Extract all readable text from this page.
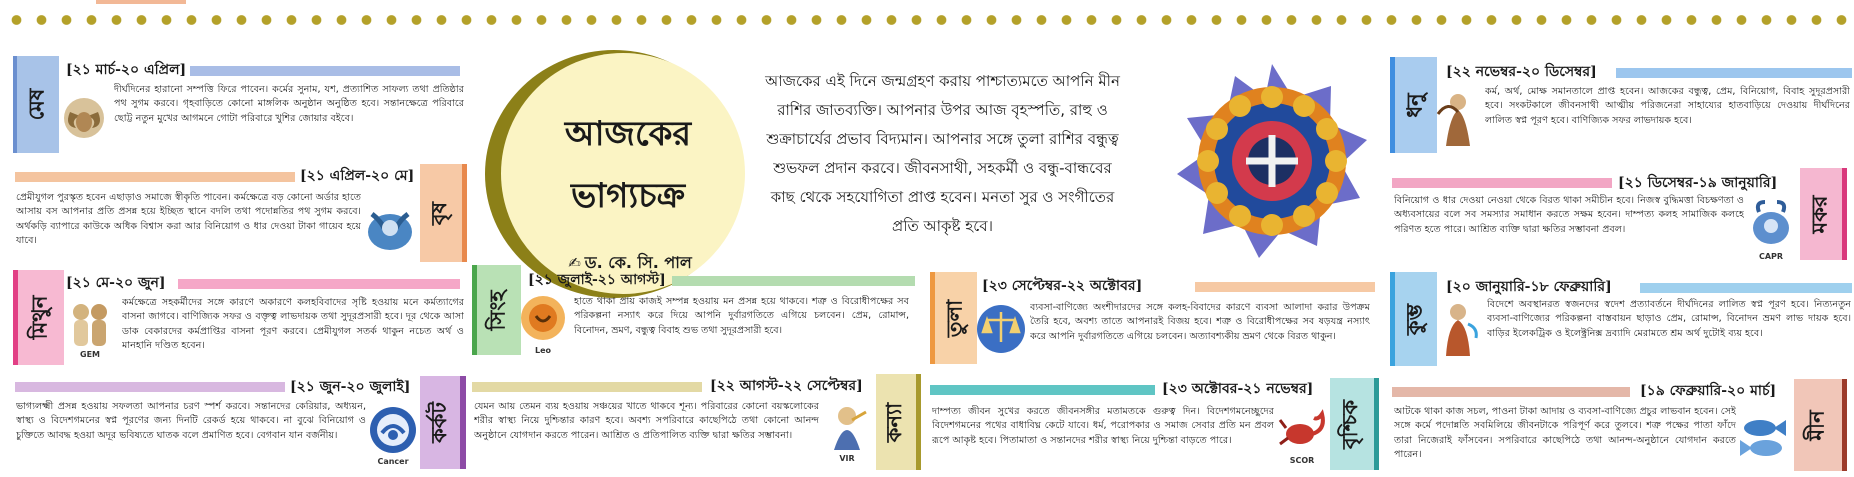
মেষ
[২১ মার্চ-২০ এপ্রিল]
দীর্ঘদিনের হারানো সম্পত্তি ফিরে পাবেন। কর্মের সুনাম, যশ, প্রত্যাশিত সাফল্য তথা প্রতিষ্ঠার পথ সুগম করবে। গৃহবাড়িতে কোনো মাঙ্গলিক অনুষ্ঠান অনুষ্ঠিত হবে। সন্তানক্ষেত্রে পরিবারে ছোট্ট নতুন মুখের আগমনে গোটা পরিবারে খুশির জোয়ার বইবে।
[২১ এপ্রিল-২০ মে]
বৃষ
প্রেমীযুগল পুরস্কৃত হবেন এছাড়াও সমাজে স্বীকৃতি পাবেন। কর্মক্ষেত্রে বড় কোনো অর্ডার হাতে আসায় বস আপনার প্রতি প্রসন্ন হয়ে ইচ্ছিত স্থানে বদলি তথা পদোন্নতির পথ সুগম করবে। অর্থকড়ি ব্যাপারে কাউকে অধিক বিশ্বাস করা আর বিনিয়োগ ও ধার দেওয়া টাকা গায়েব হয়ে যাবে।
মিথুন
[২১ মে-২০ জুন]
GEM
কর্মক্ষেত্রে সহকর্মীদের সঙ্গে কারণে অকারণে কলহবিবাদের সৃষ্টি হওয়ায় মনে কর্মত্যাগের বাসনা জাগবে। বাণিজ্যিক সফর ও বক্তৃত্ব লাভদায়ক তথা সুদূরপ্রসারী হবে। দূর থেকে আসা ডাক বেকারদের কর্মপ্রাপ্তির বাসনা পূরণ করবে। প্রেমীযুগল সতর্ক থাকুন নচেত অর্থ ও মানহানি দণ্ডিত হবেন।
[২১ জুন-২০ জুলাই]
কর্কট
Cancer
ভাগ্যলক্ষ্মী প্রসন্ন হওয়ায় সফলতা আপনার চরণ স্পর্শ করবে। সন্তানদের কেরিয়ার, অধ্যয়ন, স্বাস্থ্য ও বিদেশগমনের স্বপ্ন পূরণের জন্য দিনটি রেকর্ড হয়ে থাকবে। না বুঝে বিনিয়োগ ও চুক্তিতে আবদ্ধ হওয়া অদূর ভবিষ্যতে ঘাতক বলে প্রমাণিত হবে। বেগবান যান বর্জনীয়।
আজকের
ভাগ্যচক্র
✍ ড. কে. সি. পাল
আজকের এই দিনে জন্মগ্রহণ করায় পাশ্চাত্যমতে আপনি মীন রাশির জাতব্যক্তি। আপনার উপর আজ বৃহস্পতি, রাহু ও শুক্রাচার্যের প্রভাব বিদ্যমান। আপনার সঙ্গে তুলা রাশির বন্ধুত্ব শুভফল প্রদান করবে। জীবনসাথী, সহকর্মী ও বন্ধু-বান্ধবের কাছ থেকে সহযোগিতা প্রাপ্ত হবেন। মনতা সুর ও সংগীতের প্রতি আকৃষ্ট হবে।
সিংহ
[২১ জুলাই-২১ আগস্ট]
Leo
হাতে থাকা প্রায় কাজই সম্পন্ন হওয়ায় মন প্রসন্ন হয়ে থাকবে। শত্রু ও বিরোধীপক্ষের সব পরিকল্পনা নস্যাৎ করে দিয়ে আপনি দুর্বারগতিতে এগিয়ে চলবেন। প্রেম, রোমান্স, বিনোদন, ভ্রমণ, বন্ধুত্ব বিবাহ শুভ তথা সুদূরপ্রসারী হবে।
[২২ আগস্ট-২২ সেপ্টেম্বর]
কন্যা
VIR
যেমন আয় তেমন ব্যয় হওয়ায় সঞ্চয়ের খাতে থাকবে শূন্য। পরিবারের কোনো বয়স্কলোকের শরীর স্বাস্থ্য নিয়ে দুশ্চিন্তার কারণ হবে। অবশ্য সপরিবারে কাছেপিঠে তথা কোনো আনন্দ অনুষ্ঠানে যোগদান করতে পারেন। আশ্রিত ও প্রতিপালিত ব্যক্তি দ্বারা ক্ষতির সম্ভাবনা।
তুলা
[২৩ সেপ্টেম্বর-২২ অক্টোবর]
ব্যবসা-বাণিজ্যে অংশীদারদের সঙ্গে কলহ-বিবাদের কারণে ব্যবসা আলাদা করার উপক্রম তৈরি হবে, অবশ্য তাতে আপনারই বিজয় হবে। শত্রু ও বিরোধীপক্ষের সব ষড়যন্ত্র নস্যাৎ করে আপনি দুর্বারগতিতে এগিয়ে চলবেন। অত্যাবশ্যকীয় ভ্রমণ থেকে বিরত থাকুন।
[২৩ অক্টোবর-২১ নভেম্বর]
বৃশ্চিক
SCOR
দাম্পত্য জীবন সুখের করতে জীবনসঙ্গীর মতামতকে গুরুত্ব দিন। বিদেশগমনেচ্ছুদের বিদেশগমনের পথের বাধাবিঘ্ন কেটে যাবে। ধর্ম, পরোপকার ও সমাজ সেবার প্রতি মন প্রবল রূপে আকৃষ্ট হবে। পিতামাতা ও সন্তানদের শরীর স্বাস্থ্য নিয়ে দুশ্চিন্তা বাড়তে পারে।
ধনু
[২২ নভেম্বর-২০ ডিসেম্বর]
কর্ম, অর্থ, মোক্ষ সমানতালে প্রাপ্ত হবেন। আজকের বন্ধুত্ব, প্রেম, বিনিয়োগ, বিবাহ সুদূরপ্রসারী হবে। সংকটকালে জীবনসাথী আত্মীয় পরিজনেরা সাহায্যের হাতবাড়িয়ে দেওয়ায় দীর্ঘদিনের লালিত স্বপ্ন পূরণ হবে। বাণিজ্যিক সফর লাভদায়ক হবে।
[২১ ডিসেম্বর-১৯ জানুয়ারি]
মকর
CAPR
বিনিয়োগ ও ধার দেওয়া নেওয়া থেকে বিরত থাকা সমীচীন হবে। নিজস্ব বুদ্ধিমত্তা বিচক্ষণতা ও অধ্যবসায়ের বলে সব সমস্যার সমাধান করতে সক্ষম হবেন। দাম্পত্য কলহ সামাজিক কলহে পরিণত হতে পারে। আশ্রিত ব্যক্তি দ্বারা ক্ষতির সম্ভাবনা প্রবল।
কুম্ভ
[২০ জানুয়ারি-১৮ ফেব্রুয়ারি]
বিদেশে অবস্থানরত স্বজনদের স্বদেশ প্রত্যাবর্তনে দীর্ঘদিনের লালিত স্বপ্ন পূরণ হবে। নিত্যনতুন ব্যবসা-বাণিজ্যের পরিকল্পনা বাস্তবায়ন ছাড়াও প্রেম, রোমান্স, বিনোদন ভ্রমণ লাভ দায়ক হবে। বাড়ির ইলেকট্রিক ও ইলেক্ট্রনিক্স দ্রব্যাদি মেরামতে শ্রম অর্থ দুটোই ব্যয় হবে।
[১৯ ফেব্রুয়ারি-২০ মার্চ]
মীন
আটকে থাকা কাজ সচল, পাওনা টাকা আদায় ও ব্যবসা-বাণিজ্যে প্রচুর লাভবান হবেন। সেই সঙ্গে কর্মে পদোন্নতি সবমিলিয়ে জীবনটাকে পরিপূর্ণ করে তুলবে। শত্রু পক্ষের পাতা ফাঁদে তারা নিজেরাই ফাঁসবেন। সপরিবারে কাছেপিঠে তথা আনন্দ-অনুষ্ঠানে যোগদান করতে পারেন।
